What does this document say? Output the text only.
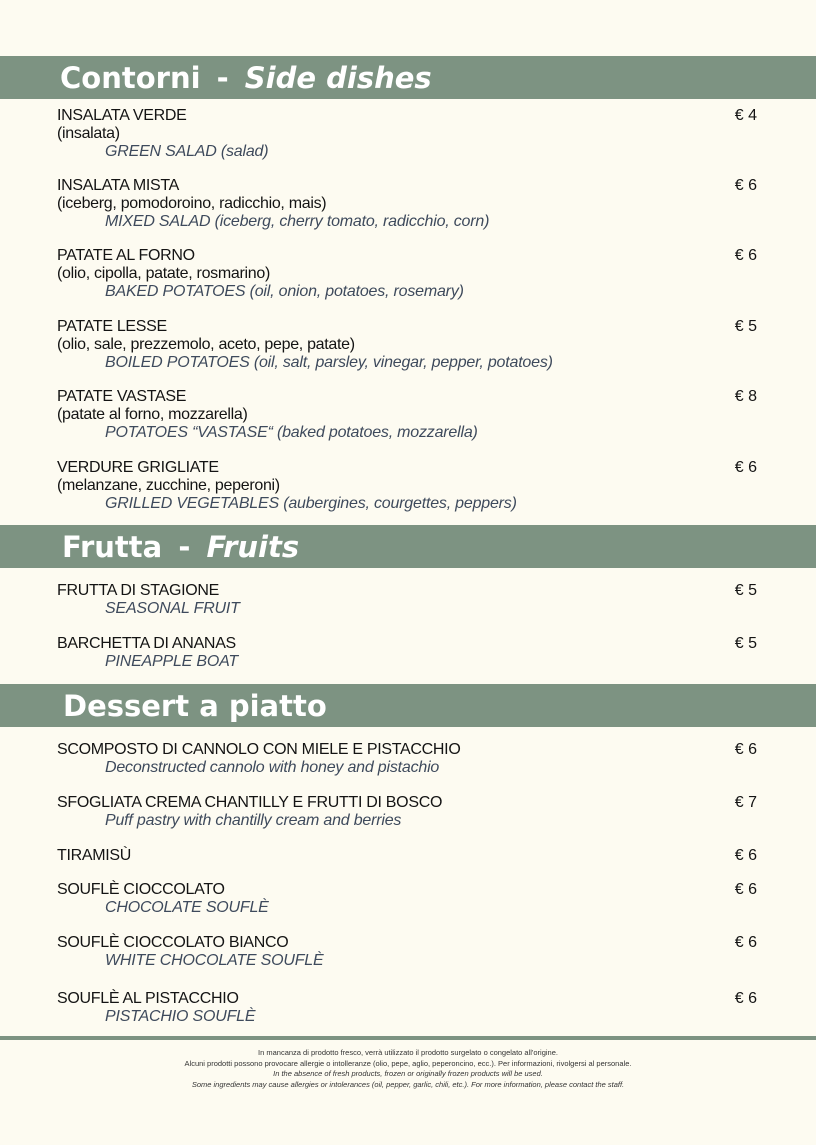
Contorni - Side dishes
INSALATA VERDE
(insalata)
GREEN SALAD (salad)
€ 4
INSALATA MISTA
(iceberg, pomodoroino, radicchio, mais)
MIXED SALAD (iceberg, cherry tomato, radicchio, corn)
€ 6
PATATE AL FORNO
(olio, cipolla, patate, rosmarino)
BAKED POTATOES (oil, onion, potatoes, rosemary)
€ 6
PATATE LESSE
(olio, sale, prezzemolo, aceto, pepe, patate)
BOILED POTATOES (oil, salt, parsley, vinegar, pepper, potatoes)
€ 5
PATATE VASTASE
(patate al forno, mozzarella)
POTATOES “VASTASE“ (baked potatoes, mozzarella)
€ 8
VERDURE GRIGLIATE
(melanzane, zucchine, peperoni)
GRILLED VEGETABLES (aubergines, courgettes, peppers)
€ 6
Frutta - Fruits
FRUTTA DI STAGIONE
SEASONAL FRUIT
€ 5
BARCHETTA DI ANANAS
PINEAPPLE BOAT
€ 5
Dessert a piatto
SCOMPOSTO DI CANNOLO CON MIELE E PISTACCHIO
Deconstructed cannolo with honey and pistachio
€ 6
SFOGLIATA CREMA CHANTILLY E FRUTTI DI BOSCO
Puff pastry with chantilly cream and berries
€ 7
TIRAMISÙ	€ 6
SOUFLÈ CIOCCOLATO
CHOCOLATE SOUFLÈ
€ 6
SOUFLÈ CIOCCOLATO BIANCO
WHITE CHOCOLATE SOUFLÈ
€ 6
SOUFLÈ AL PISTACCHIO
PISTACHIO SOUFLÈ
€ 6
In mancanza di prodotto fresco, verrà utilizzato il prodotto surgelato o congelato all'origine.
Alcuni prodotti possono provocare allergie o intolleranze (olio, pepe, aglio, peperoncino, ecc.). Per informazioni, rivolgersi al personale.
In the absence of fresh products, frozen or originally frozen products will be used.
Some ingredients may cause allergies or intolerances (oil, pepper, garlic, chili, etc.). For more information, please contact the staff.
